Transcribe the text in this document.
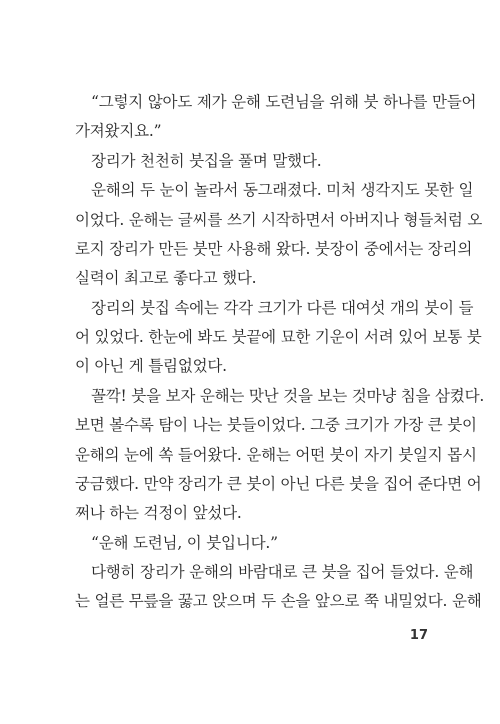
“그렇지 않아도 제가 운해 도련님을 위해 붓 하나를 만들어
가져왔지요.”
장리가 천천히 붓집을 풀며 말했다.
운해의 두 눈이 놀라서 동그래졌다. 미처 생각지도 못한 일
이었다. 운해는 글씨를 쓰기 시작하면서 아버지나 형들처럼 오
로지 장리가 만든 붓만 사용해 왔다. 붓장이 중에서는 장리의
실력이 최고로 좋다고 했다.
장리의 붓집 속에는 각각 크기가 다른 대여섯 개의 붓이 들
어 있었다. 한눈에 봐도 붓끝에 묘한 기운이 서려 있어 보통 붓
이 아닌 게 틀림없었다.
꼴깍! 붓을 보자 운해는 맛난 것을 보는 것마냥 침을 삼켰다.
보면 볼수록 탐이 나는 붓들이었다. 그중 크기가 가장 큰 붓이
운해의 눈에 쏙 들어왔다. 운해는 어떤 붓이 자기 붓일지 몹시
궁금했다. 만약 장리가 큰 붓이 아닌 다른 붓을 집어 준다면 어
쩌나 하는 걱정이 앞섰다.
“운해 도련님, 이 붓입니다.”
다행히 장리가 운해의 바람대로 큰 붓을 집어 들었다. 운해
는 얼른 무릎을 꿇고 앉으며 두 손을 앞으로 쭉 내밀었다. 운해
17
